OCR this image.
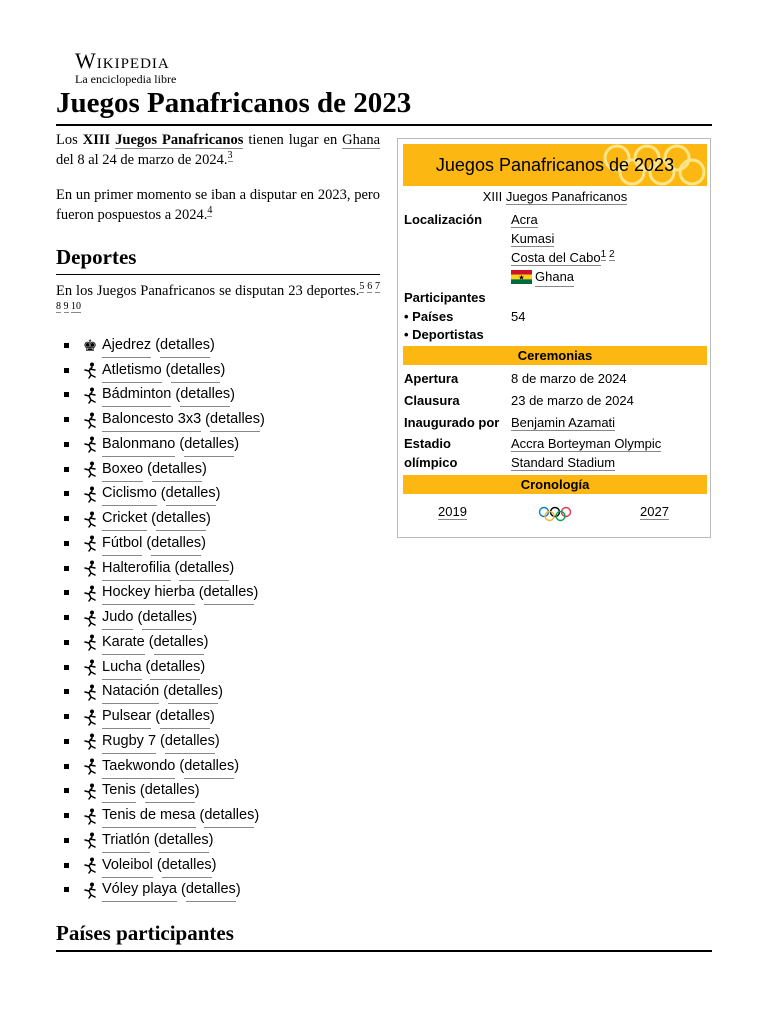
Wikipedia
La enciclopedia libre
Juegos Panafricanos de 2023

Los XIII Juegos Panafricanos tienen lugar en Ghana del 8 al 24 de marzo de 2024.$^3$

En un primer momento se iban a disputar en 2023, pero fueron pospuestos a 2024.$^4$

Deportes

En los Juegos Panafricanos se disputan 23 deportes.$^{5 6 7 8 9 10}$

♚ Ajedrez ( detalles )
Atletismo ( detalles )
Bádminton ( detalles )
Baloncesto 3x3 ( detalles )
Balonmano ( detalles )
Boxeo ( detalles )
Ciclismo ( detalles )
Cricket ( detalles )
Fútbol ( detalles )
Halterofilia ( detalles )
Hockey hierba ( detalles )
Judo ( detalles )
Karate ( detalles )
Lucha ( detalles )
Natación ( detalles )
Pulsear ( detalles )
Rugby 7 ( detalles )
Taekwondo ( detalles )
Tenis ( detalles )
Tenis de mesa ( detalles )
Triatlón ( detalles )
Voleibol ( detalles )
Vóley playa ( detalles )
Países participantes
Juegos Panafricanos de 2023
XIII Juegos Panafricanos
Localización Acra
Kumasi
Costa del Cabo$^{1 2}$
Ghana
Participantes
• Países	54
• Deportistas
Ceremonias
Apertura	8 de marzo de 2024
Clausura	23 de marzo de 2024
Inaugurado por Benjamin Azamati
Estadio	Accra Borteyman Olympic
olímpico	Standard Stadium
Cronología
2019	2027
